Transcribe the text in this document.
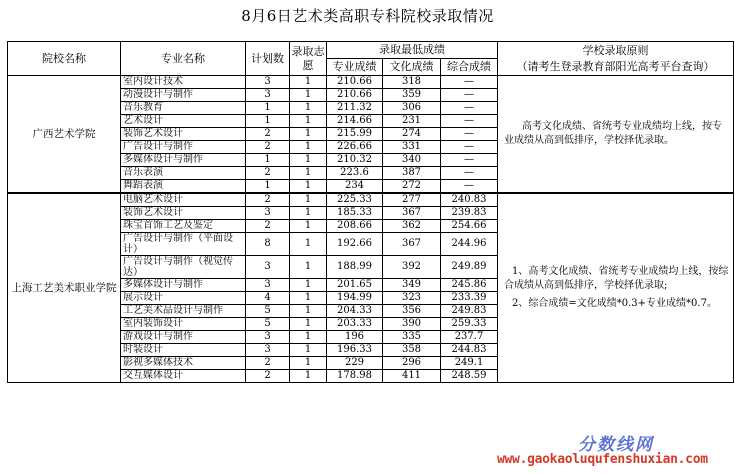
8月6日艺术类高职专科院校录取情况
院校名称	专业名称	计划数	录取志愿	录取最低成绩			学校录取原则
（请考生登录教育部阳光高考平台查询）

				专业成绩	文化成绩	综合成绩	
广西艺术学院	室内设计技术	3	1	210.66	318	—	高考文化成绩、省统考专业成绩均上线，按专业成绩从高到低排序，学校择优录取。

	动漫设计与制作	3	1	210.66	359	—	
	音乐教育	1	1	211.32	306	—	
	艺术设计	1	1	214.66	231	—	
	装饰艺术设计	2	1	215.99	274	—	
	广告设计与制作	2	1	226.66	331	—	
	多媒体设计与制作	1	1	210.32	340	—	
	音乐表演	2	1	223.6	387	—	
	舞蹈表演	1	1	234	272	—	
上海工艺美术职业学院	电脑艺术设计	2	1	225.33	277	240.83	1、高考文化成绩、省统考专业成绩均上线，按综合成绩从高到低排序，学校择优录取;
2、综合成绩=文化成绩*0.3+专业成绩*0.7。

	装饰艺术设计	3	1	185.33	367	239.83	
	珠宝首饰工艺及鉴定	2	1	208.66	362	254.66	
	广告设计与制作（平面设计）	8	1	192.66	367	244.96	
	广告设计与制作（视觉传达）	3	1	188.99	392	249.89	
	多媒体设计与制作	3	1	201.65	349	245.86	
	展示设计	4	1	194.99	323	233.39	
	工艺美术品设计与制作	5	1	204.33	356	249.83	
	室内装饰设计	5	1	203.33	390	259.33	
	游戏设计与制作	3	1	196	335	237.7	
	时装设计	3	1	196.33	358	244.83	
	影视多媒体技术	2	1	229	296	249.1	
	交互媒体设计	2	1	178.98	411	248.59	
分数线网
www.gaokaoluqufenshuxian.com
